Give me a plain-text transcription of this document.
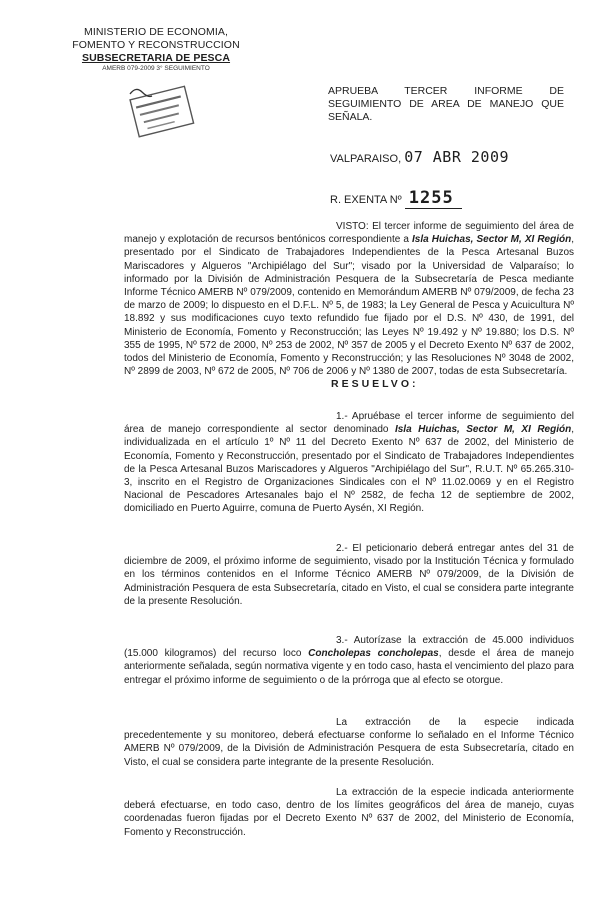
MINISTERIO DE ECONOMIA,
FOMENTO Y RECONSTRUCCION
SUBSECRETARIA DE PESCA
AMERB 079-2009 3° SEGUIMIENTO
APRUEBA TERCER INFORME DE SEGUIMIENTO DE AREA DE MANEJO QUE SEÑALA.
VALPARAISO, 07 ABR 2009
R. EXENTA Nº 1255

VISTO: El tercer informe de seguimiento del área de manejo y explotación de recursos bentónicos correspondiente a Isla Huichas, Sector M, XI Región, presentado por el Sindicato de Trabajadores Independientes de la Pesca Artesanal Buzos Mariscadores y Algueros "Archipiélago del Sur"; visado por la Universidad de Valparaíso; lo informado por la División de Administración Pesquera de la Subsecretaría de Pesca mediante Informe Técnico AMERB Nº 079/2009, contenido en Memorándum AMERB Nº 079/2009, de fecha 23 de marzo de 2009; lo dispuesto en el D.F.L. Nº 5, de 1983; la Ley General de Pesca y Acuicultura Nº 18.892 y sus modificaciones cuyo texto refundido fue fijado por el D.S. Nº 430, de 1991, del Ministerio de Economía, Fomento y Reconstrucción; las Leyes Nº 19.492 y Nº 19.880; los D.S. Nº 355 de 1995, Nº 572 de 2000, Nº 253 de 2002, Nº 357 de 2005 y el Decreto Exento Nº 637 de 2002, todos del Ministerio de Economía, Fomento y Reconstrucción; y las Resoluciones Nº 3048 de 2002, Nº 2899 de 2003, Nº 672 de 2005, Nº 706 de 2006 y Nº 1380 de 2007, todas de esta Subsecretaría.

RESUELVO:

1.- Apruébase el tercer informe de seguimiento del área de manejo correspondiente al sector denominado Isla Huichas, Sector M, XI Región, individualizada en el artículo 1º Nº 11 del Decreto Exento Nº 637 de 2002, del Ministerio de Economía, Fomento y Reconstrucción, presentado por el Sindicato de Trabajadores Independientes de la Pesca Artesanal Buzos Mariscadores y Algueros "Archipiélago del Sur", R.U.T. Nº 65.265.310-3, inscrito en el Registro de Organizaciones Sindicales con el Nº 11.02.0069 y en el Registro Nacional de Pescadores Artesanales bajo el Nº 2582, de fecha 12 de septiembre de 2002, domiciliado en Puerto Aguirre, comuna de Puerto Aysén, XI Región.

2.- El peticionario deberá entregar antes del 31 de diciembre de 2009, el próximo informe de seguimiento, visado por la Institución Técnica y formulado en los términos contenidos en el Informe Técnico AMERB Nº 079/2009, de la División de Administración Pesquera de esta Subsecretaría, citado en Visto, el cual se considera parte integrante de la presente Resolución.

3.- Autorízase la extracción de 45.000 individuos (15.000 kilogramos) del recurso loco Concholepas concholepas, desde el área de manejo anteriormente señalada, según normativa vigente y en todo caso, hasta el vencimiento del plazo para entregar el próximo informe de seguimiento o de la prórroga que al efecto se otorgue.

La extracción de la especie indicada precedentemente y su monitoreo, deberá efectuarse conforme lo señalado en el Informe Técnico AMERB Nº 079/2009, de la División de Administración Pesquera de esta Subsecretaría, citado en Visto, el cual se considera parte integrante de la presente Resolución.

La extracción de la especie indicada anteriormente deberá efectuarse, en todo caso, dentro de los límites geográficos del área de manejo, cuyas coordenadas fueron fijadas por el Decreto Exento Nº 637 de 2002, del Ministerio de Economía, Fomento y Reconstrucción.
